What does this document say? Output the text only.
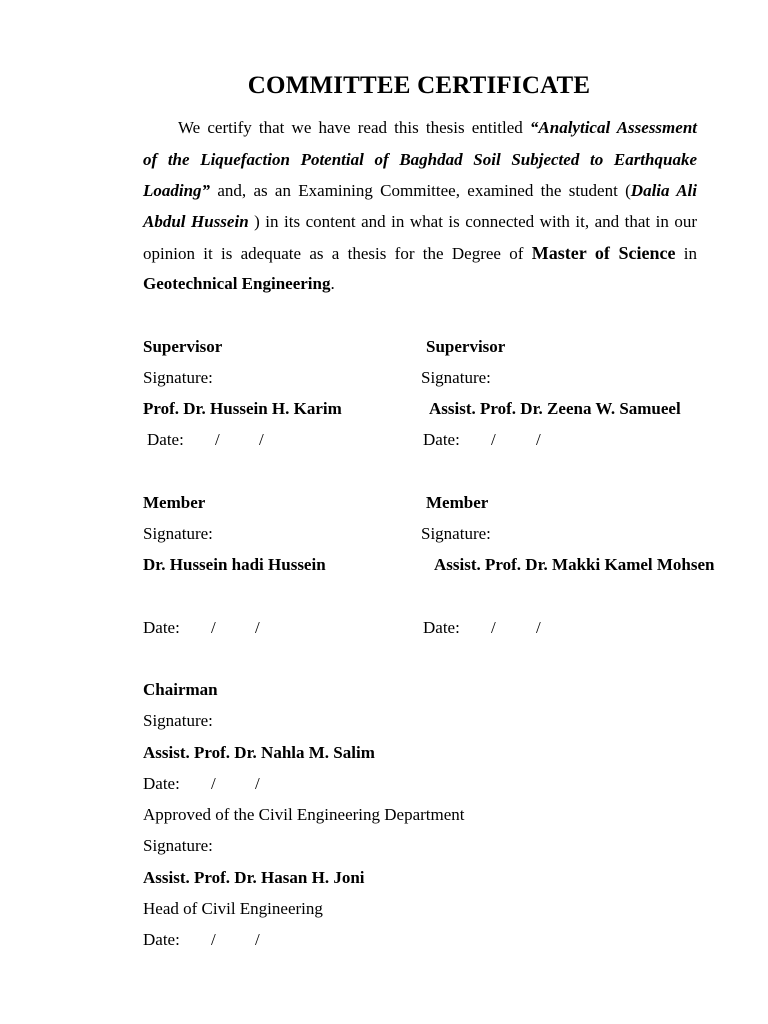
COMMITTEE CERTIFICATE
We certify that we have read this thesis entitled “Analytical Assessment
of the Liquefaction Potential of Baghdad Soil Subjected to Earthquake
Loading” and, as an Examining Committee, examined the student (Dalia Ali
Abdul Hussein ) in its content and in what is connected with it, and that in our
opinion it is adequate as a thesis for the Degree of Master of Science in
Geotechnical Engineering.
Supervisor	Supervisor
Signature:	Signature:
Prof. Dr. Hussein H. Karim	Assist. Prof. Dr. Zeena W. Samueel
Date: / /	Date: / /
Member	Member
Signature:	Signature:
Dr. Hussein hadi Hussein	Assist. Prof. Dr. Makki Kamel Mohsen
Date: / /	Date: / /
Chairman
Signature:
Assist. Prof. Dr. Nahla M. Salim
Date: / /
Approved of the Civil Engineering Department
Signature:
Assist. Prof. Dr. Hasan H. Joni
Head of Civil Engineering
Date: / /
